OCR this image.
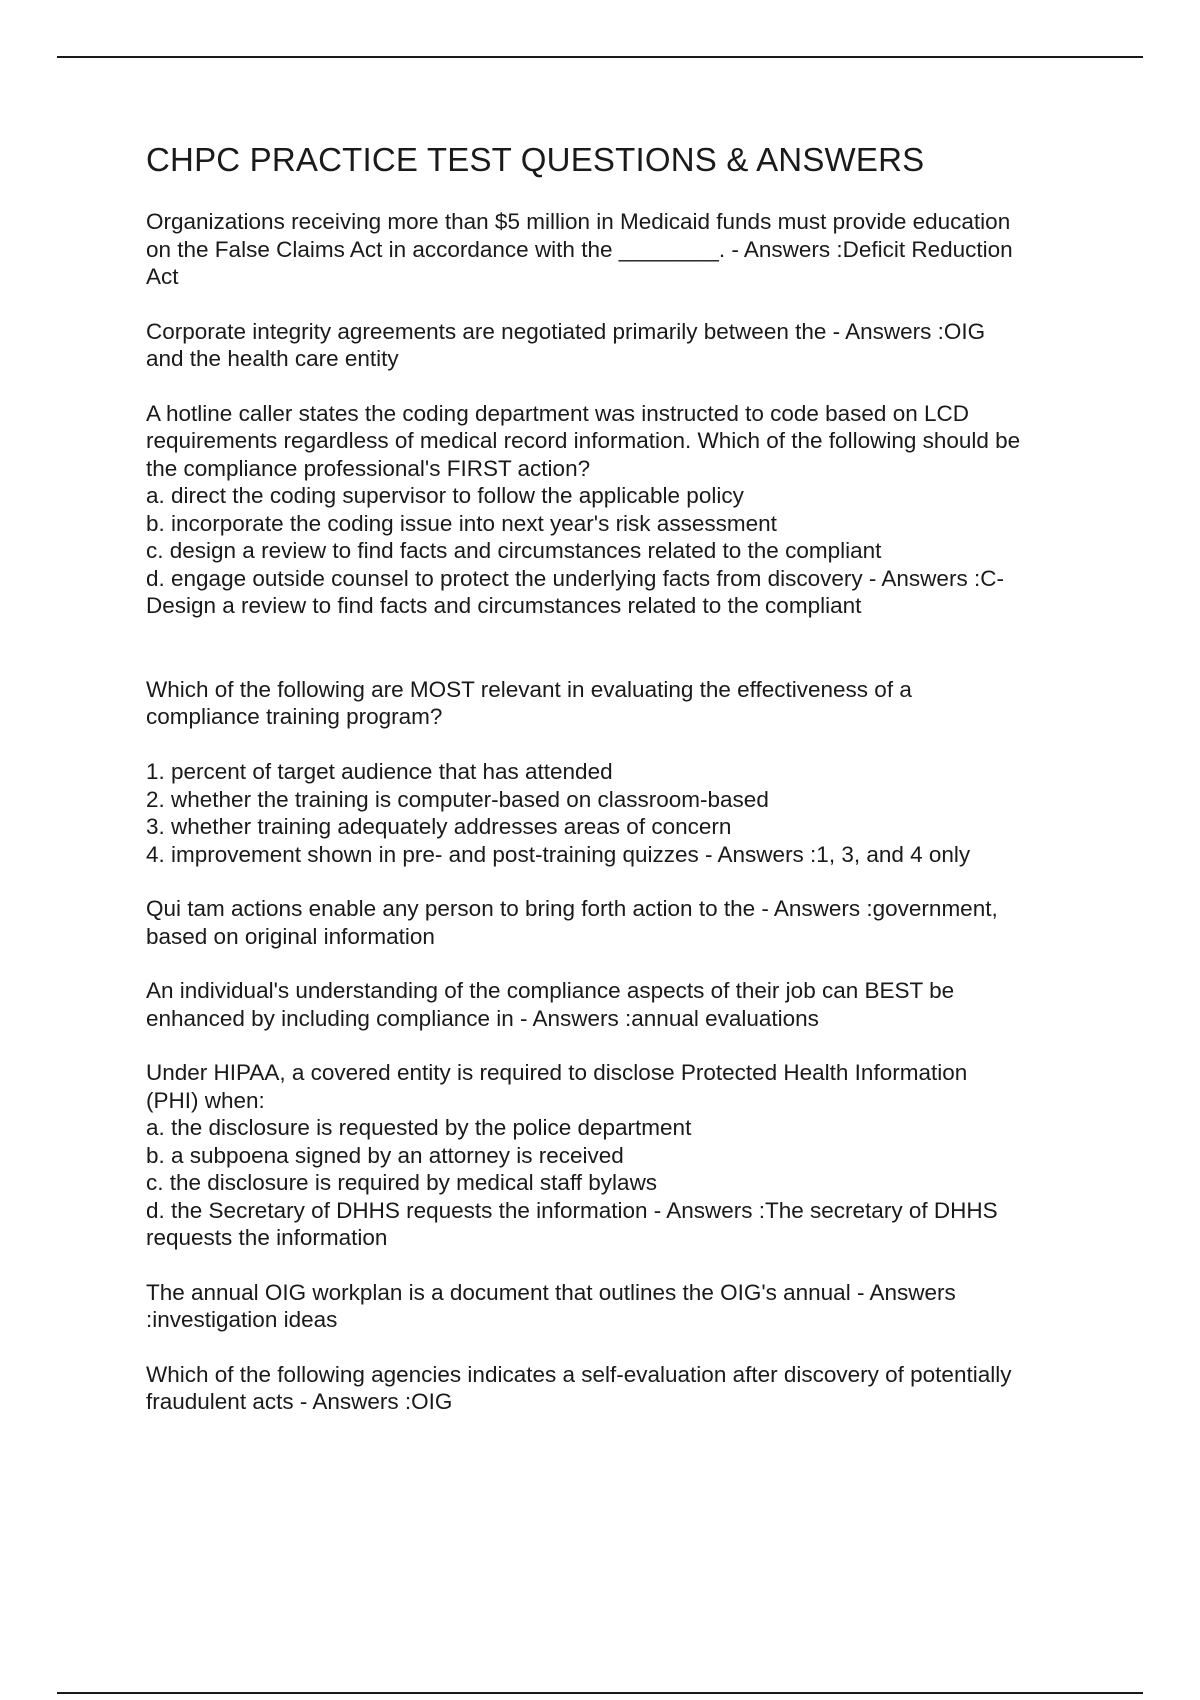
CHPC PRACTICE TEST QUESTIONS & ANSWERS
Organizations receiving more than $5 million in Medicaid funds must provide education
on the False Claims Act in accordance with the ________. - Answers :Deficit Reduction
Act
Corporate integrity agreements are negotiated primarily between the - Answers :OIG
and the health care entity
A hotline caller states the coding department was instructed to code based on LCD
requirements regardless of medical record information. Which of the following should be
the compliance professional's FIRST action?
a. direct the coding supervisor to follow the applicable policy
b. incorporate the coding issue into next year's risk assessment
c. design a review to find facts and circumstances related to the compliant
d. engage outside counsel to protect the underlying facts from discovery - Answers :C-
Design a review to find facts and circumstances related to the compliant
Which of the following are MOST relevant in evaluating the effectiveness of a
compliance training program?
1. percent of target audience that has attended
2. whether the training is computer-based on classroom-based
3. whether training adequately addresses areas of concern
4. improvement shown in pre- and post-training quizzes - Answers :1, 3, and 4 only
Qui tam actions enable any person to bring forth action to the - Answers :government,
based on original information
An individual's understanding of the compliance aspects of their job can BEST be
enhanced by including compliance in - Answers :annual evaluations
Under HIPAA, a covered entity is required to disclose Protected Health Information
(PHI) when:
a. the disclosure is requested by the police department
b. a subpoena signed by an attorney is received
c. the disclosure is required by medical staff bylaws
d. the Secretary of DHHS requests the information - Answers :The secretary of DHHS
requests the information
The annual OIG workplan is a document that outlines the OIG's annual - Answers
:investigation ideas
Which of the following agencies indicates a self-evaluation after discovery of potentially
fraudulent acts - Answers :OIG
